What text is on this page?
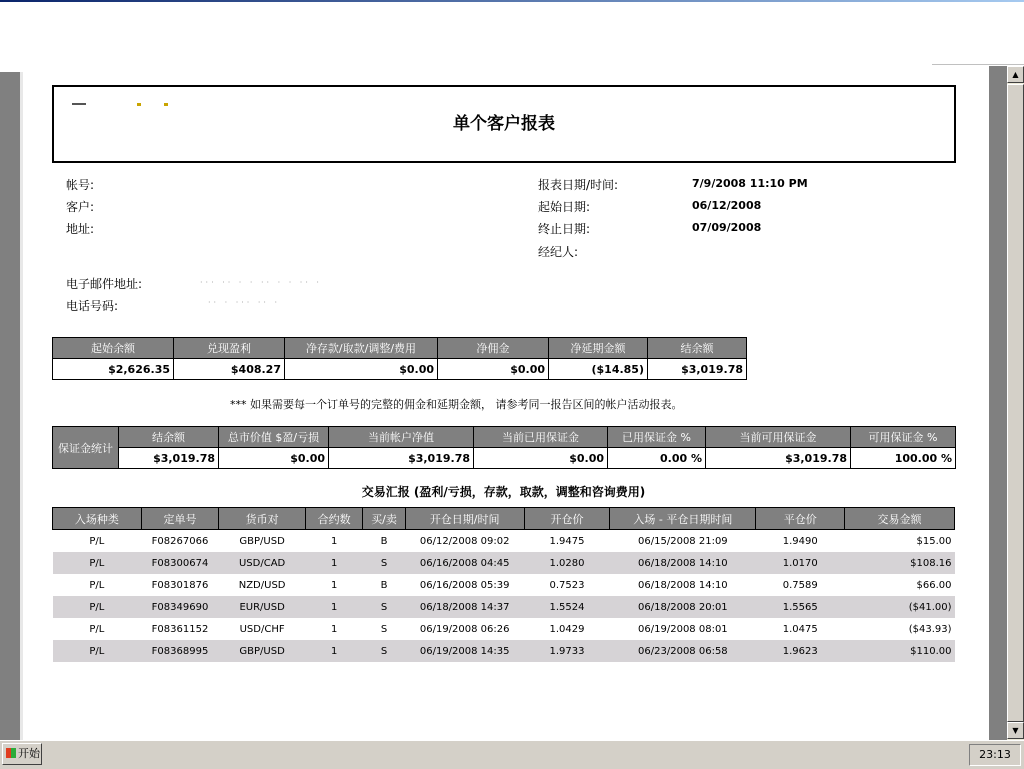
▲
▼
单个客户报表
帐号:
客户:
地址:
电子邮件地址:	··· ·· · · ·· · · ·· ·
电话号码:	·· · ··· ·· ·
报表日期/时间:	7/9/2008 11:10 PM
起始日期:	06/12/2008
终止日期:	07/09/2008
经纪人:
起始余额	兑现盈利	净存款/取款/调整/费用	净佣金	净延期金额	结余额
$2,626.35	$408.27	$0.00	$0.00	($14.85)	$3,019.78
*** 如果需要每一个订单号的完整的佣金和延期金额， 请参考同一报告区间的帐户活动报表。
保证金统计	结余额	总市价值 $盈/亏损	当前帐户净值	当前已用保证金	已用保证金 %	当前可用保证金	可用保证金 %
	$3,019.78	$0.00	$3,019.78	$0.00	0.00 %	$3,019.78	100.00 %
交易汇报 (盈利/亏损，存款，取款，调整和咨询费用)
入场种类	定单号	货币对	合约数	买/卖	开仓日期/时间	开仓价	入场 - 平仓日期时间	平仓价	交易金额
P/L	F08267066	GBP/USD	1	B	06/12/2008 09:02	1.9475	06/15/2008 21:09	1.9490	$15.00
P/L	F08300674	USD/CAD	1	S	06/16/2008 04:45	1.0280	06/18/2008 14:10	1.0170	$108.16
P/L	F08301876	NZD/USD	1	B	06/16/2008 05:39	0.7523	06/18/2008 14:10	0.7589	$66.00
P/L	F08349690	EUR/USD	1	S	06/18/2008 14:37	1.5524	06/18/2008 20:01	1.5565	($41.00)
P/L	F08361152	USD/CHF	1	S	06/19/2008 06:26	1.0429	06/19/2008 08:01	1.0475	($43.93)
P/L	F08368995	GBP/USD	1	S	06/19/2008 14:35	1.9733	06/23/2008 06:58	1.9623	$110.00
开始	23:13
